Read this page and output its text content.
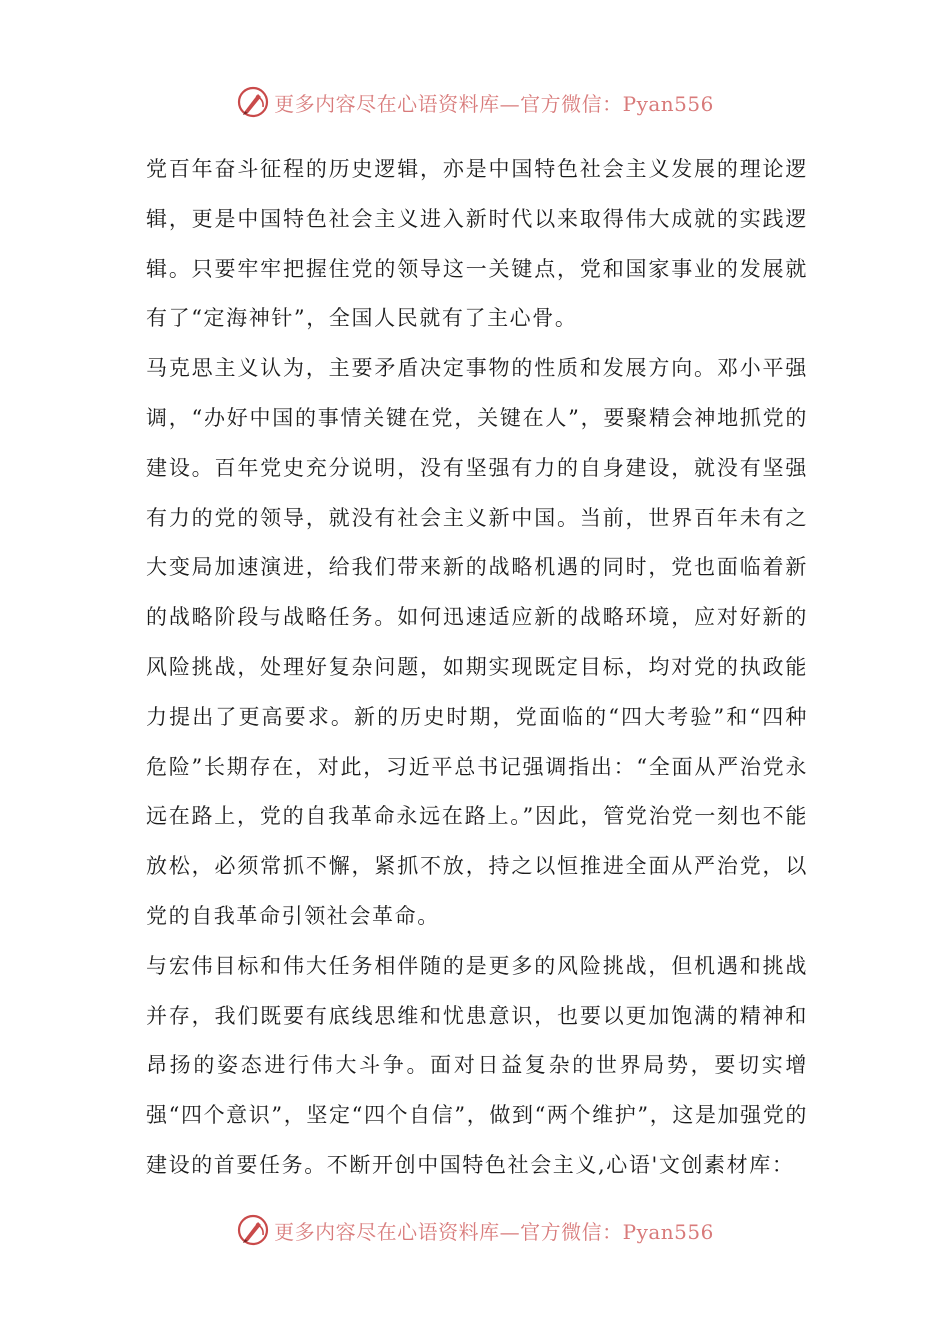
更多内容尽在心语资料库—官方微信：Pyan556

党百年奋斗征程的历史逻辑，亦是中国特色社会主义发展的理论逻辑，更是中国特色社会主义进入新时代以来取得伟大成就的实践逻辑。只要牢牢把握住党的领导这一关键点，党和国家事业的发展就有了“定海神针”，全国人民就有了主心骨。

马克思主义认为，主要矛盾决定事物的性质和发展方向。邓小平强调，“办好中国的事情关键在党，关键在人”，要聚精会神地抓党的建设。百年党史充分说明，没有坚强有力的自身建设，就没有坚强有力的党的领导，就没有社会主义新中国。当前，世界百年未有之大变局加速演进，给我们带来新的战略机遇的同时，党也面临着新的战略阶段与战略任务。如何迅速适应新的战略环境，应对好新的风险挑战，处理好复杂问题，如期实现既定目标，均对党的执政能力提出了更高要求。新的历史时期，党面临的“四大考验”和“四种危险”长期存在，对此，习近平总书记强调指出：“全面从严治党永远在路上，党的自我革命永远在路上。”因此，管党治党一刻也不能放松，必须常抓不懈，紧抓不放，持之以恒推进全面从严治党，以党的自我革命引领社会革命。

与宏伟目标和伟大任务相伴随的是更多的风险挑战，但机遇和挑战并存，我们既要有底线思维和忧患意识，也要以更加饱满的精神和昂扬的姿态进行伟大斗争。面对日益复杂的世界局势，要切实增强“四个意识”，坚定“四个自信”，做到“两个维护”，这是加强党的建设的首要任务。不断开创中国特色社会主义,心语'文创素材库：

更多内容尽在心语资料库—官方微信：Pyan556
